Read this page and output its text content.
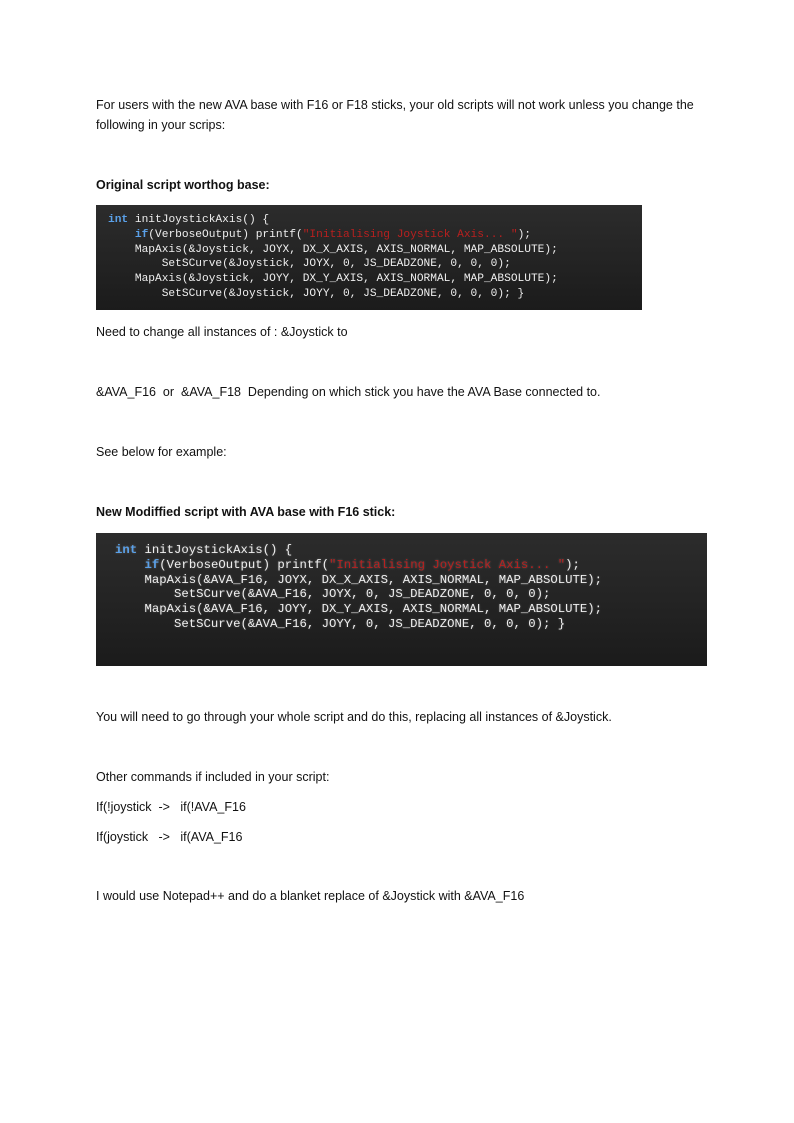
For users with the new AVA base with F16 or F18 sticks, your old scripts will not work unless you change the following in your scrips:

Original script worthog base:

int initJoystickAxis() {
if(VerboseOutput) printf("Initialising Joystick Axis... ");
MapAxis(&Joystick, JOYX, DX_X_AXIS, AXIS_NORMAL, MAP_ABSOLUTE);
SetSCurve(&Joystick, JOYX, 0, JS_DEADZONE, 0, 0, 0);
MapAxis(&Joystick, JOYY, DX_Y_AXIS, AXIS_NORMAL, MAP_ABSOLUTE);
SetSCurve(&Joystick, JOYY, 0, JS_DEADZONE, 0, 0, 0); }

Need to change all instances of : &Joystick to

&AVA_F16  or  &AVA_F18  Depending on which stick you have the AVA Base connected to.

See below for example:

New Modiffied script with AVA base with F16 stick:

int initJoystickAxis() {
if(VerboseOutput) printf("Initialising Joystick Axis... ");
MapAxis(&AVA_F16, JOYX, DX_X_AXIS, AXIS_NORMAL, MAP_ABSOLUTE);
SetSCurve(&AVA_F16, JOYX, 0, JS_DEADZONE, 0, 0, 0);
MapAxis(&AVA_F16, JOYY, DX_Y_AXIS, AXIS_NORMAL, MAP_ABSOLUTE);
SetSCurve(&AVA_F16, JOYY, 0, JS_DEADZONE, 0, 0, 0); }

You will need to go through your whole script and do this, replacing all instances of &Joystick.

Other commands if included in your script:

If(!joystick  ->   if(!AVA_F16

If(joystick   ->   if(AVA_F16

I would use Notepad++ and do a blanket replace of &Joystick with &AVA_F16
